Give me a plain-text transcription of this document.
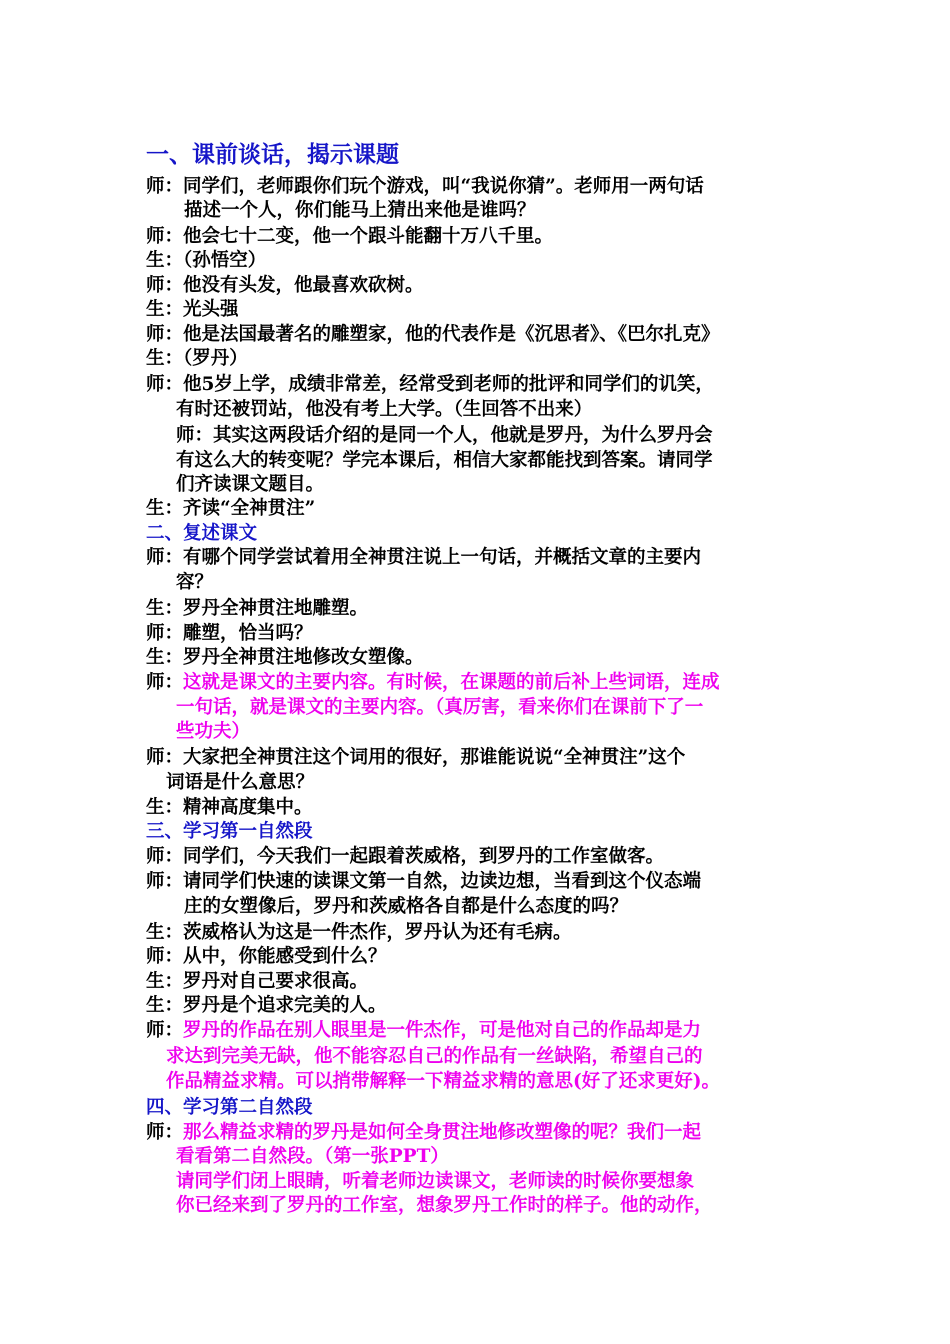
一、课前谈话，揭示课题
师：同学们，老师跟你们玩个游戏，叫“我说你猜”。老师用一两句话
描述一个人，你们能马上猜出来他是谁吗？
师：他会七十二变，他一个跟斗能翻十万八千里。
生：（孙悟空）
师：他没有头发，他最喜欢砍树。
生：光头强
师：他是法国最著名的雕塑家，他的代表作是《沉思者》、《巴尔扎克》
生：（罗丹）
师：他5岁上学，成绩非常差，经常受到老师的批评和同学们的讥笑，
有时还被罚站，他没有考上大学。（生回答不出来）
师：其实这两段话介绍的是同一个人，他就是罗丹，为什么罗丹会
有这么大的转变呢？学完本课后，相信大家都能找到答案。请同学
们齐读课文题目。
生：齐读“全神贯注”
二、复述课文
师：有哪个同学尝试着用全神贯注说上一句话，并概括文章的主要内
容？
生：罗丹全神贯注地雕塑。
师：雕塑，恰当吗？
生：罗丹全神贯注地修改女塑像。
师：这就是课文的主要内容。有时候，在课题的前后补上些词语，连成
一句话，就是课文的主要内容。（真厉害，看来你们在课前下了一
些功夫）
师：大家把全神贯注这个词用的很好，那谁能说说“全神贯注”这个
词语是什么意思？
生：精神高度集中。
三、学习第一自然段
师：同学们，今天我们一起跟着茨威格，到罗丹的工作室做客。
师：请同学们快速的读课文第一自然，边读边想，当看到这个仪态端
庄的女塑像后，罗丹和茨威格各自都是什么态度的吗？
生：茨威格认为这是一件杰作，罗丹认为还有毛病。
师：从中，你能感受到什么？
生：罗丹对自己要求很高。
生：罗丹是个追求完美的人。
师：罗丹的作品在别人眼里是一件杰作，可是他对自己的作品却是力
求达到完美无缺，他不能容忍自己的作品有一丝缺陷，希望自己的
作品精益求精。可以捎带解释一下精益求精的意思(好了还求更好)。
四、学习第二自然段
师：那么精益求精的罗丹是如何全身贯注地修改塑像的呢？我们一起
看看第二自然段。（第一张PPT）
请同学们闭上眼睛，听着老师边读课文，老师读的时候你要想象
你已经来到了罗丹的工作室，想象罗丹工作时的样子。他的动作，
